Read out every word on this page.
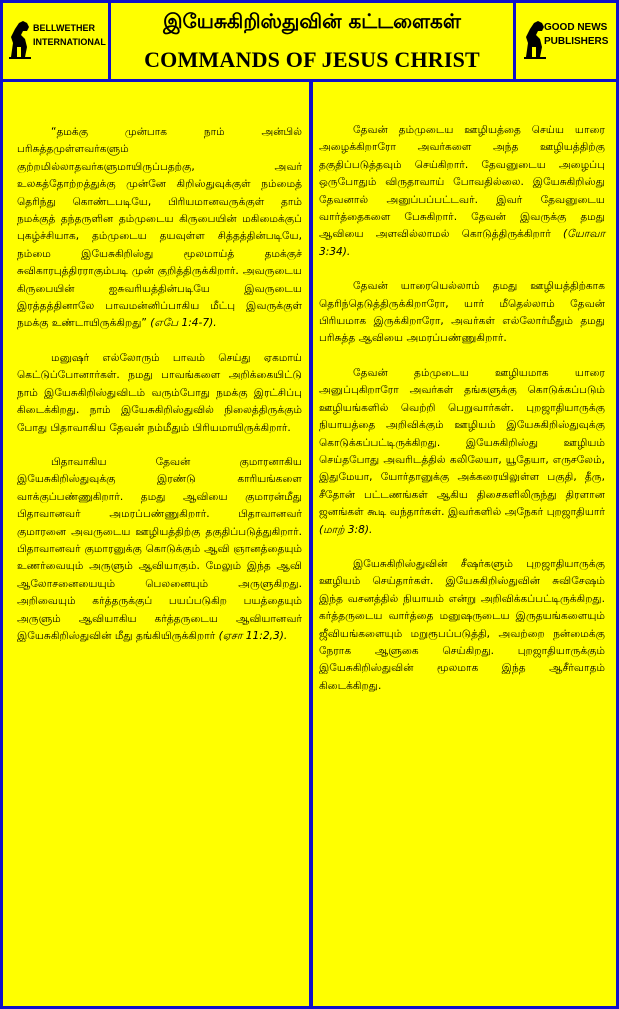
BELLWETHER
INTERNATIONAL
இயேசுகிறிஸ்துவின் கட்டளைகள்
COMMANDS OF JESUS CHRIST
GOOD NEWS
PUBLISHERS

“தமக்கு முன்பாக நாம் அன்பில் பரிசுத்தமுள்ளவர்களும் குற்றமில்லாதவர்களுமாயிருப்பதற்கு, அவர் உலகத்தோற்றத்துக்கு முன்னே கிறிஸ்துவுக்குள் நம்மைத் தெரிந்து கொண்டபடியே, பிரியமானவருக்குள் தாம் நமக்குத் தந்தருளின தம்முடைய கிருபையின் மகிமைக்குப் புகழ்ச்சியாக, தம்முடைய தயவுள்ள சித்தத்தின்படியே, நம்மை இயேசுகிறிஸ்து மூலமாய்த் தமக்குச் சுவிகாரபுத்திரராகும்படி முன் குறித்திருக்கிறார். அவருடைய கிருபையின் ஐசுவரியத்தின்படியே இவருடைய இரத்தத்தினாலே பாவமன்னிப்பாகிய மீட்பு இவருக்குள் நமக்கு உண்டாயிருக்கிறது” (எபே 1:4-7).

மனுஷர் எல்லோரும் பாவம் செய்து ஏகமாய் கெட்டுப்போனார்கள். நமது பாவங்களை அறிக்கையிட்டு நாம் இயேசுகிறிஸ்துவிடம் வரும்போது நமக்கு இரட்சிப்பு கிடைக்கிறது. நாம் இயேசுகிறிஸ்துவில் நிலைத்திருக்கும் போது பிதாவாகிய தேவன் நம்மீதும் பிரியமாயிருக்கிறார்.

பிதாவாகிய தேவன் குமாரனாகிய இயேசுகிறிஸ்துவுக்கு இரண்டு காரியங்களை வாக்குப்பண்ணுகிறார். தமது ஆவியை குமாரன்மீது பிதாவானவர் அமரப்பண்ணுகிறார். பிதாவானவர் குமாரனை அவருடைய ஊழியத்திற்கு தகுதிப்படுத்துகிறார். பிதாவானவர் குமாரனுக்கு கொடுக்கும் ஆவி ஞானத்தையும் உணர்வையும் அருளும் ஆவியாகும். மேலும் இந்த ஆவி ஆலோசனையையும் பெலனையும் அருளுகிறது. அறிவையும் கர்த்தருக்குப் பயப்படுகிற பயத்தையும் அருளும் ஆவியாகிய கர்த்தருடைய ஆவியானவர் இயேசுகிறிஸ்துவின் மீது தங்கியிருக்கிறார் (ஏசா 11:2,3).

தேவன் தம்முடைய ஊழியத்தை செய்ய யாரை அழைக்கிறாரோ அவர்களை அந்த ஊழியத்திற்கு தகுதிப்படுத்தவும் செய்கிறார். தேவனுடைய அழைப்பு ஒருபோதும் விருதாவாய் போவதில்லை. இயேசுகிறிஸ்து தேவனால் அனுப்பப்பட்டவர். இவர் தேவனுடைய வார்த்தைகளை பேசுகிறார். தேவன் இவருக்கு தமது ஆவியை அளவில்லாமல் கொடுத்திருக்கிறார் (யோவா 3:34).

தேவன் யாரையெல்லாம் தமது ஊழியத்திற்காக தெரிந்தெடுத்திருக்கிறாரோ, யார் மீதெல்லாம் தேவன் பிரியமாக இருக்கிறாரோ, அவர்கள் எல்லோர்மீதும் தமது பரிசுத்த ஆவியை அமரப்பண்ணுகிறார்.

தேவன் தம்முடைய ஊழியமாக யாரை அனுப்புகிறாரோ அவர்கள் தங்களுக்கு கொடுக்கப்படும் ஊழியங்களில் வெற்றி பெறுவார்கள். புறஜாதியாருக்கு நியாயத்தை அறிவிக்கும் ஊழியம் இயேசுகிறிஸ்துவுக்கு கொடுக்கப்பட்டிருக்கிறது. இயேசுகிறிஸ்து ஊழியம் செய்தபோது அவரிடத்தில் கலிலேயா, யூதேயா, எருசலேம், இதுமேயா, யோர்தானுக்கு அக்கரையிலுள்ள பகுதி, தீரு, சீதோன் பட்டணங்கள் ஆகிய திசைகளிலிருந்து திரளான ஜனங்கள் கூடி வந்தார்கள். இவர்களில் அநேகர் புறஜாதியார் (மாற் 3:8).

இயேசுகிறிஸ்துவின் சீஷர்களும் புறஜாதியாருக்கு ஊழியம் செய்தார்கள். இயேசுகிறிஸ்துவின் சுவிசேஷம் இந்த வசனத்தில் நியாயம் என்று அறிவிக்கப்பட்டிருக்கிறது. கர்த்தருடைய வார்த்தை மனுஷருடைய இருதயங்களையும் ஜீவியங்களையும் மறுரூபப்படுத்தி, அவற்றை நன்மைக்கு நேராக ஆளுகை செய்கிறது. புறஜாதியாருக்கும் இயேசுகிறிஸ்துவின் மூலமாக இந்த ஆசீர்வாதம் கிடைக்கிறது.
